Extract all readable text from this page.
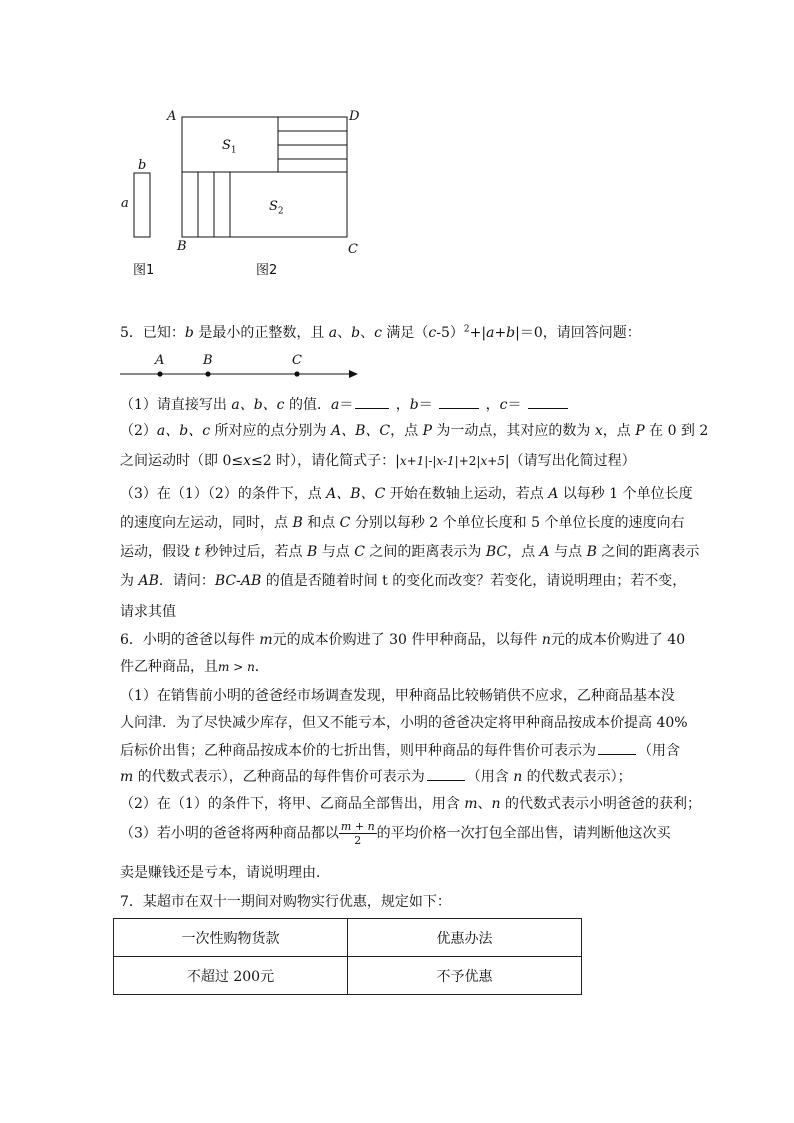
b
a
A	D
B	C
$S_1$
$S_2$
图1	图2
5．已知：b 是最小的正整数，且 a、b、c 满足$(c-5)^2+|a+b|=0$，请回答问题：
A	B	C
（1）请直接写出 a、b、c 的值．a＝	，b＝	，c＝
（2）a、b、c 所对应的点分别为 A、B、C，点 P 为一动点，其对应的数为 x，点 P 在 0 到 2
之间运动时（即 0≤x≤2 时），请化简式子：|x+1|-|x-1|+2|x+5|（请写出化简过程）
（3）在（1）（2）的条件下，点 A、B、C 开始在数轴上运动，若点 A 以每秒 1 个单位长度
的速度向左运动，同时，点 B 和点 C 分别以每秒 2 个单位长度和 5 个单位长度的速度向右
运动，假设 t 秒钟过后，若点 B 与点 C 之间的距离表示为 BC，点 A 与点 B 之间的距离表示
为 AB．请问：BC-AB 的值是否随着时间 t 的变化而改变？若变化，请说明理由；若不变，
请求其值
6．小明的爸爸以每件 m元的成本价购进了 30 件甲种商品，以每件 n元的成本价购进了 40
件乙种商品，且m > n．
（1）在销售前小明的爸爸经市场调查发现，甲种商品比较畅销供不应求，乙种商品基本没
人问津．为了尽快减少库存，但又不能亏本，小明的爸爸决定将甲种商品按成本价提高 40%
后标价出售；乙种商品按成本价的七折出售，则甲种商品的每件售价可表示为	（用含
m 的代数式表示），乙种商品的每件售价可表示为	（用含 n 的代数式表示）；
（2）在（1）的条件下，将甲、乙商品全部售出，用含 m、n 的代数式表示小明爸爸的获利；
（3）若小明的爸爸将两种商品都以 $\frac{m + n}{2}$ 的平均价格一次打包全部出售，请判断他这次买
卖是赚钱还是亏本，请说明理由．
7．某超市在双十一期间对购物实行优惠，规定如下：
一次性购物货款	优惠办法
不超过 200元	不予优惠
